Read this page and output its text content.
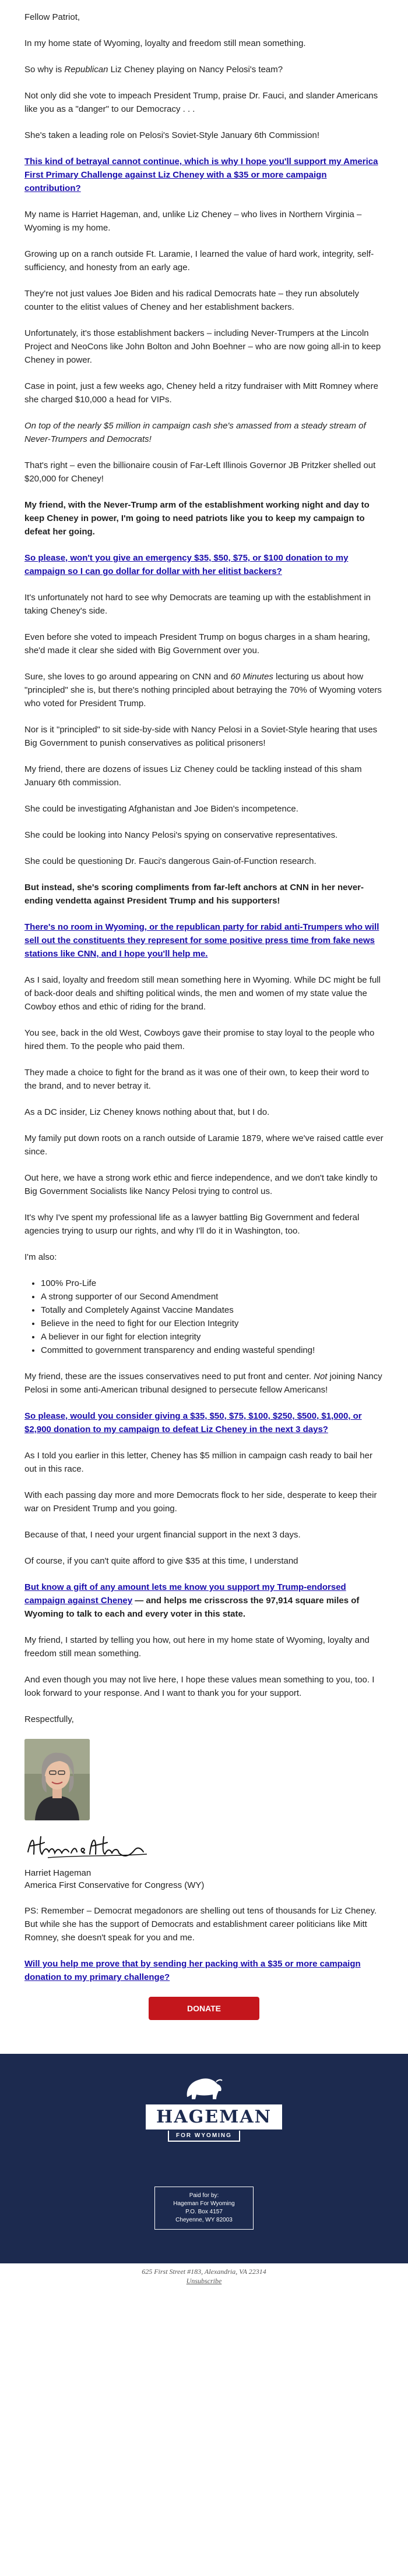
Fellow Patriot,

In my home state of Wyoming, loyalty and freedom still mean something.

So why is Republican Liz Cheney playing on Nancy Pelosi's team?

Not only did she vote to impeach President Trump, praise Dr. Fauci, and slander Americans like you as a "danger" to our Democracy . . .

She's taken a leading role on Pelosi's Soviet-Style January 6th Commission!

This kind of betrayal cannot continue, which is why I hope you'll support my America First Primary Challenge against Liz Cheney with a $35 or more campaign contribution?

My name is Harriet Hageman, and, unlike Liz Cheney – who lives in Northern Virginia – Wyoming is my home.

Growing up on a ranch outside Ft. Laramie, I learned the value of hard work, integrity, self-sufficiency, and honesty from an early age.

They're not just values Joe Biden and his radical Democrats hate – they run absolutely counter to the elitist values of Cheney and her establishment backers.

Unfortunately, it's those establishment backers – including Never-Trumpers at the Lincoln Project and NeoCons like John Bolton and John Boehner – who are now going all-in to keep Cheney in power.

Case in point, just a few weeks ago, Cheney held a ritzy fundraiser with Mitt Romney where she charged $10,000 a head for VIPs.

On top of the nearly $5 million in campaign cash she's amassed from a steady stream of Never-Trumpers and Democrats!

That's right – even the billionaire cousin of Far-Left Illinois Governor JB Pritzker shelled out $20,000 for Cheney!

My friend, with the Never-Trump arm of the establishment working night and day to keep Cheney in power, I'm going to need patriots like you to keep my campaign to defeat her going.

So please, won't you give an emergency $35, $50, $75, or $100 donation to my campaign so I can go dollar for dollar with her elitist backers?

It's unfortunately not hard to see why Democrats are teaming up with the establishment in taking Cheney's side.

Even before she voted to impeach President Trump on bogus charges in a sham hearing, she'd made it clear she sided with Big Government over you.

Sure, she loves to go around appearing on CNN and 60 Minutes lecturing us about how "principled" she is, but there's nothing principled about betraying the 70% of Wyoming voters who voted for President Trump.

Nor is it "principled" to sit side-by-side with Nancy Pelosi in a Soviet-Style hearing that uses Big Government to punish conservatives as political prisoners!

My friend, there are dozens of issues Liz Cheney could be tackling instead of this sham January 6th commission.

She could be investigating Afghanistan and Joe Biden's incompetence.

She could be looking into Nancy Pelosi's spying on conservative representatives.

She could be questioning Dr. Fauci's dangerous Gain-of-Function research.

But instead, she's scoring compliments from far-left anchors at CNN in her never-ending vendetta against President Trump and his supporters!

There's no room in Wyoming, or the republican party for rabid anti-Trumpers who will sell out the constituents they represent for some positive press time from fake news stations like CNN, and I hope you'll help me.

As I said, loyalty and freedom still mean something here in Wyoming. While DC might be full of back-door deals and shifting political winds, the men and women of my state value the Cowboy ethos and ethic of riding for the brand.

You see, back in the old West, Cowboys gave their promise to stay loyal to the people who hired them. To the people who paid them.

They made a choice to fight for the brand as it was one of their own, to keep their word to the brand, and to never betray it.

As a DC insider, Liz Cheney knows nothing about that, but I do.

My family put down roots on a ranch outside of Laramie 1879, where we've raised cattle ever since.

Out here, we have a strong work ethic and fierce independence, and we don't take kindly to Big Government Socialists like Nancy Pelosi trying to control us.

It's why I've spent my professional life as a lawyer battling Big Government and federal agencies trying to usurp our rights, and why I'll do it in Washington, too.

I'm also:

• 100% Pro-Life
• A strong supporter of our Second Amendment
• Totally and Completely Against Vaccine Mandates
• Believe in the need to fight for our Election Integrity
• A believer in our fight for election integrity
• Committed to government transparency and ending wasteful spending!

My friend, these are the issues conservatives need to put front and center. Not joining Nancy Pelosi in some anti-American tribunal designed to persecute fellow Americans!

So please, would you consider giving a $35, $50, $75, $100, $250, $500, $1,000, or $2,900 donation to my campaign to defeat Liz Cheney in the next 3 days?

As I told you earlier in this letter, Cheney has $5 million in campaign cash ready to bail her out in this race.

With each passing day more and more Democrats flock to her side, desperate to keep their war on President Trump and you going.

Because of that, I need your urgent financial support in the next 3 days.

Of course, if you can't quite afford to give $35 at this time, I understand

But know a gift of any amount lets me know you support my Trump-endorsed campaign against Cheney — and helps me crisscross the 97,914 square miles of Wyoming to talk to each and every voter in this state.

My friend, I started by telling you how, out here in my home state of Wyoming, loyalty and freedom still mean something.

And even though you may not live here, I hope these values mean something to you, too. I look forward to your response. And I want to thank you for your support.

Respectfully,

Harriet Hageman
America First Conservative for Congress (WY)

PS: Remember – Democrat megadonors are shelling out tens of thousands for Liz Cheney. But while she has the support of Democrats and establishment career politicians like Mitt Romney, she doesn't speak for you and me.

Will you help me prove that by sending her packing with a $35 or more campaign donation to my primary challenge?

DONATE
HAGEMAN
FOR WYOMING
Paid for by:
Hageman For Wyoming
P.O. Box 4157
Cheyenne, WY 82003
625 First Street #183, Alexandria, VA 22314
Unsubscribe
